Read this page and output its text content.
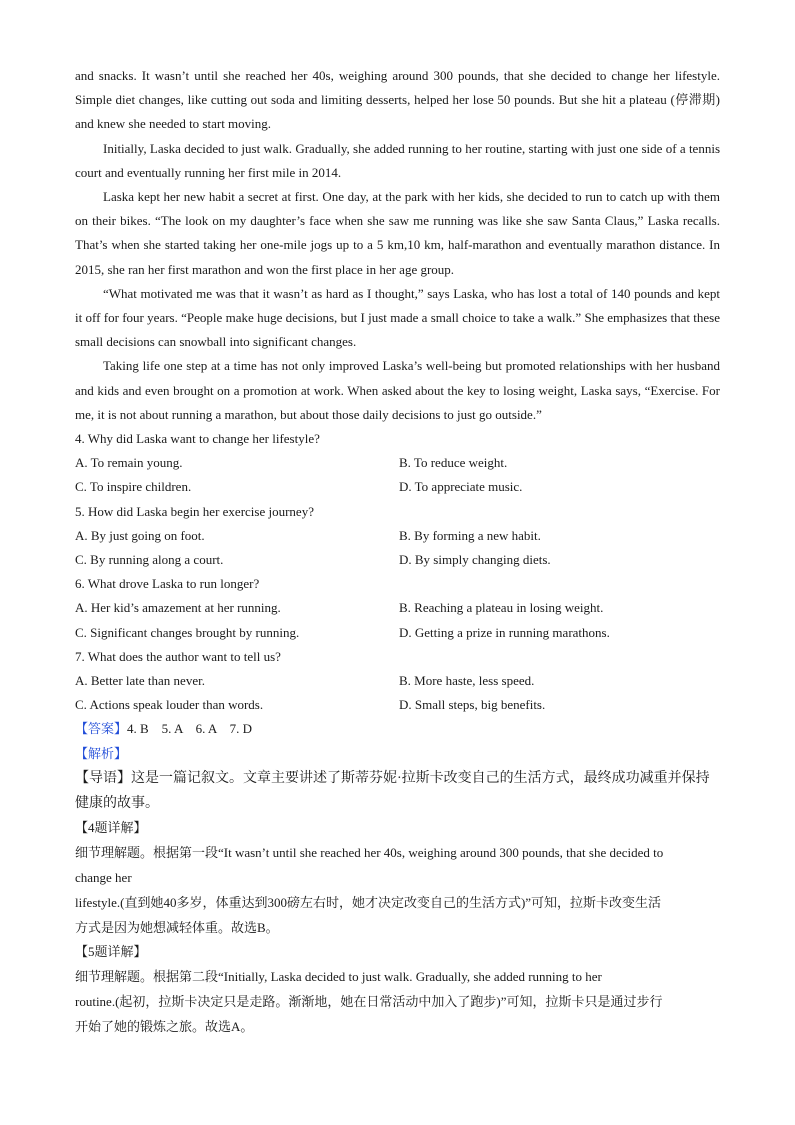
and snacks. It wasn’t until she reached her 40s, weighing around 300 pounds, that she decided to change her lifestyle. Simple diet changes, like cutting out soda and limiting desserts, helped her lose 50 pounds. But she hit a plateau (停滞期) and knew she needed to start moving.

Initially, Laska decided to just walk. Gradually, she added running to her routine, starting with just one side of a tennis court and eventually running her first mile in 2014.

Laska kept her new habit a secret at first. One day, at the park with her kids, she decided to run to catch up with them on their bikes. “The look on my daughter’s face when she saw me running was like she saw Santa Claus,” Laska recalls. That’s when she started taking her one-mile jogs up to a 5 km,10 km, half-marathon and eventually marathon distance. In 2015, she ran her first marathon and won the first place in her age group.

“What motivated me was that it wasn’t as hard as I thought,” says Laska, who has lost a total of 140 pounds and kept it off for four years. “People make huge decisions, but I just made a small choice to take a walk.” She emphasizes that these small decisions can snowball into significant changes.

Taking life one step at a time has not only improved Laska’s well-being but promoted relationships with her husband and kids and even brought on a promotion at work. When asked about the key to losing weight, Laska says, “Exercise. For me, it is not about running a marathon, but about those daily decisions to just go outside.”

4. Why did Laska want to change her lifestyle?

A. To remain young.	B. To reduce weight.
C. To inspire children.	D. To appreciate music.

5. How did Laska begin her exercise journey?

A. By just going on foot.	B. By forming a new habit.
C. By running along a court.	D. By simply changing diets.

6. What drove Laska to run longer?

A. Her kid’s amazement at her running.	B. Reaching a plateau in losing weight.
C. Significant changes brought by running.	D. Getting a prize in running marathons.

7. What does the author want to tell us?

A. Better late than never.	B. More haste, less speed.
C. Actions speak louder than words.	D. Small steps, big benefits.

【答案】4. B    5. A    6. A    7. D

【解析】

【导语】这是一篇记叙文。文章主要讲述了斯蒂芬妮·拉斯卡改变自己的生活方式，最终成功减重并保持健康的故事。

【4题详解】

细节理解题。根据第一段“It wasn’t until she reached her 40s, weighing around 300 pounds, that she decided to

change her

lifestyle.(直到她40多岁，体重达到300磅左右时，她才决定改变自己的生活方式)”可知，拉斯卡改变生活

方式是因为她想减轻体重。故选B。

【5题详解】

细节理解题。根据第二段“Initially, Laska decided to just walk. Gradually, she added running to her

routine.(起初，拉斯卡决定只是走路。渐渐地，她在日常活动中加入了跑步)”可知，拉斯卡只是通过步行

开始了她的锻炼之旅。故选A。
